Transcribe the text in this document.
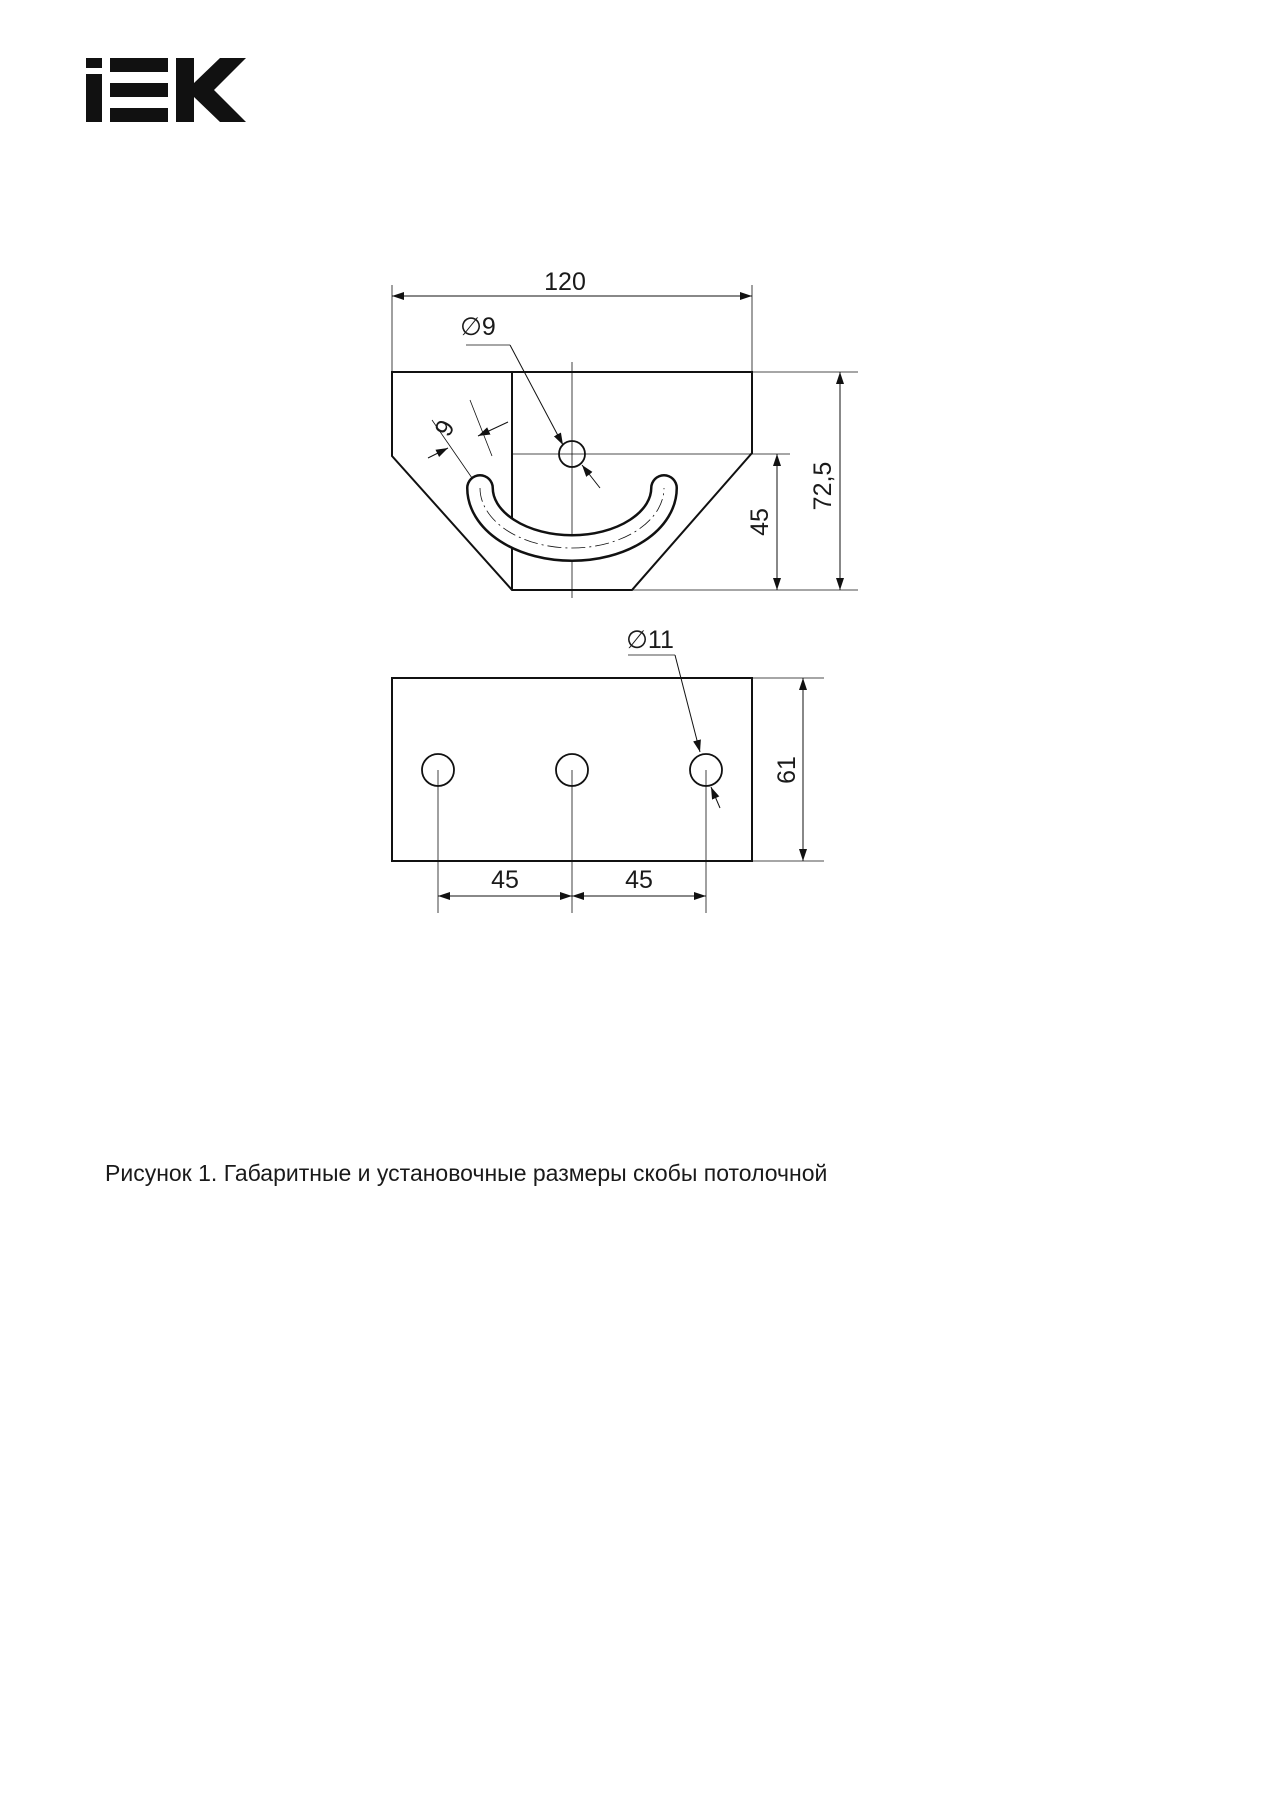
120
∅9
9
45
72,5
∅11
61
45	45
Рисунок 1. Габаритные и установочные размеры скобы потолочной
